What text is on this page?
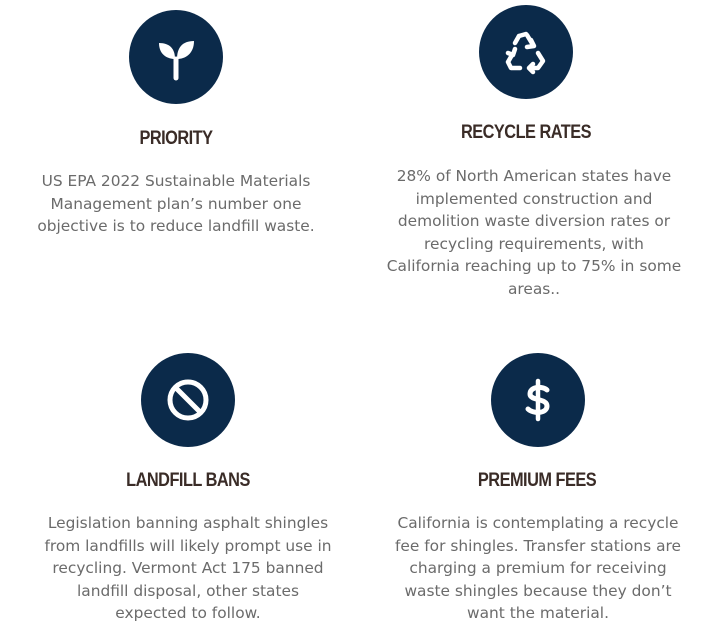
PRIORITY
US EPA 2022 Sustainable Materials
Management plan’s number one
objective is to reduce landfill waste.
RECYCLE RATES
28% of North American states have
implemented construction and
demolition waste diversion rates or
recycling requirements, with
California reaching up to 75% in some
areas..
LANDFILL BANS
Legislation banning asphalt shingles
from landfills will likely prompt use in
recycling. Vermont Act 175 banned
landfill disposal, other states
expected to follow.
PREMIUM FEES
California is contemplating a recycle
fee for shingles. Transfer stations are
charging a premium for receiving
waste shingles because they don’t
want the material.
